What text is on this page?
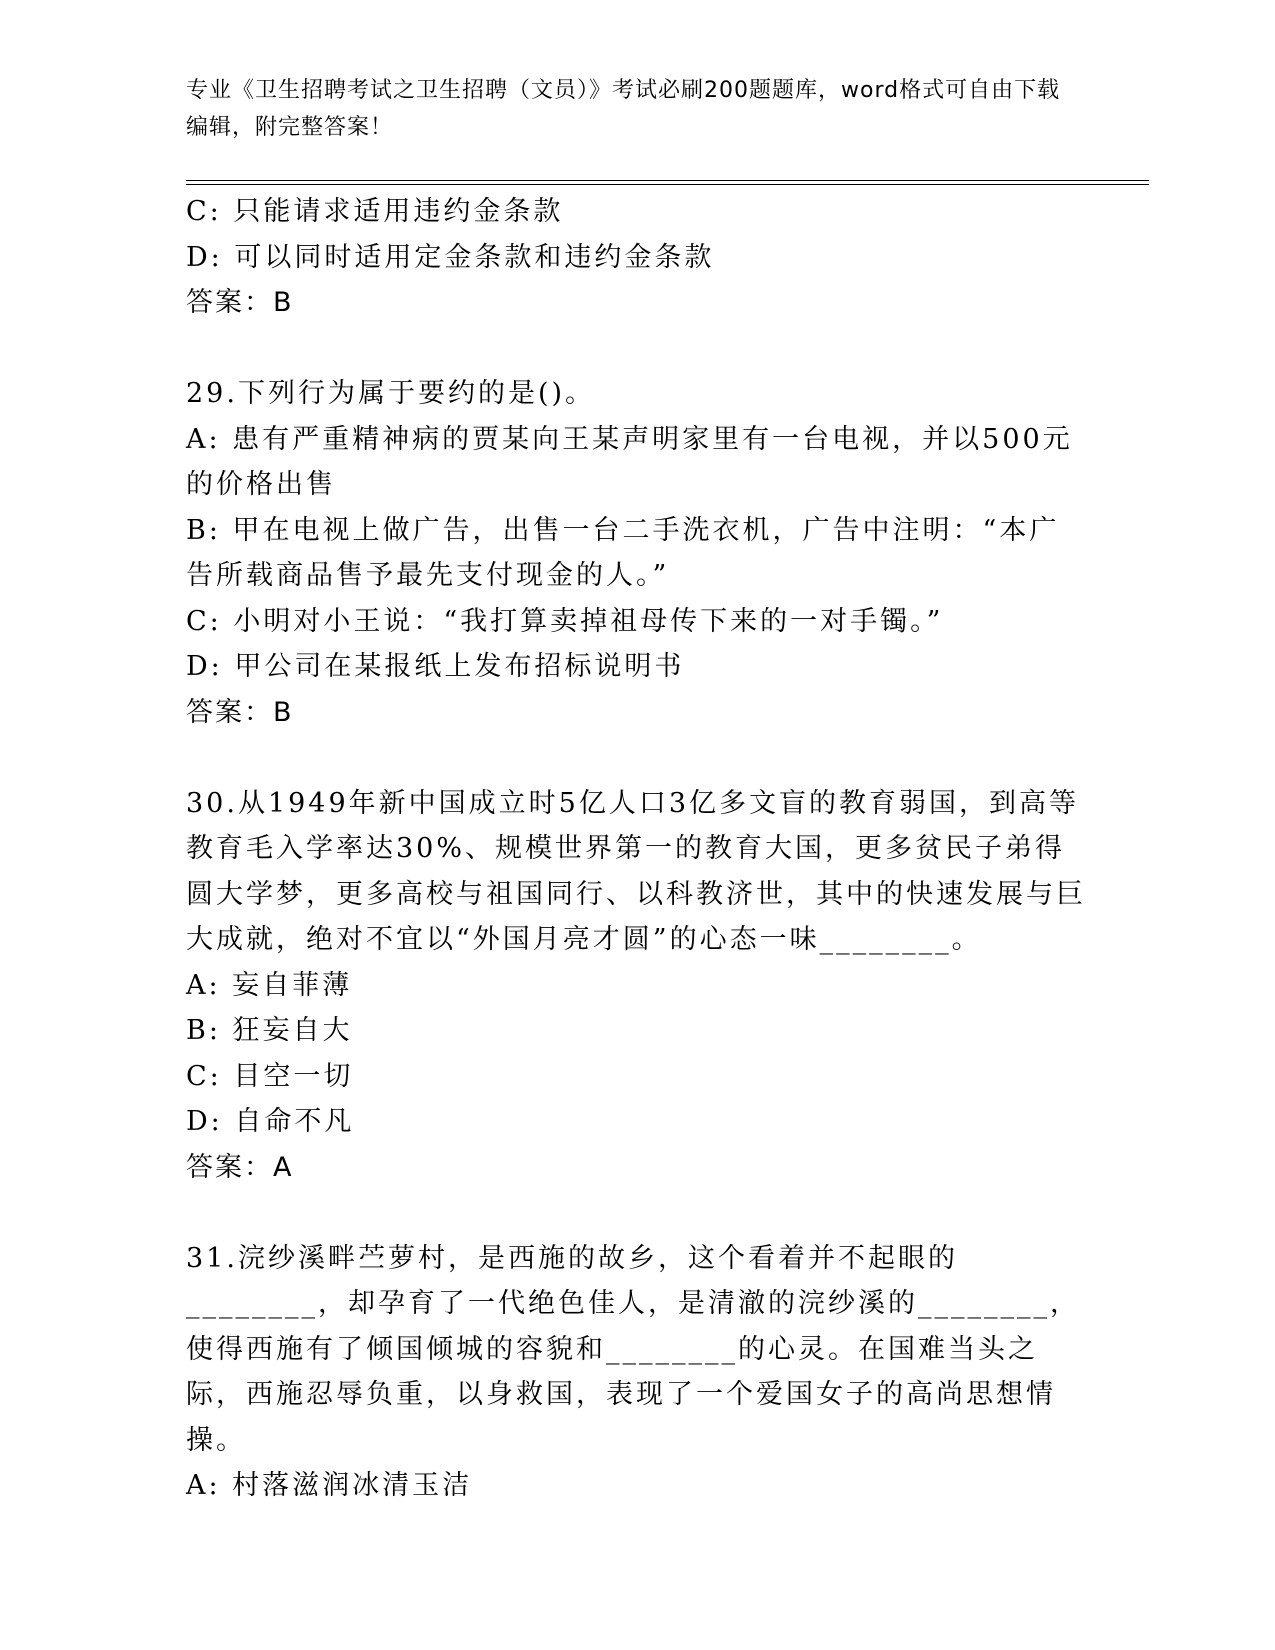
专业《卫生招聘考试之卫生招聘（文员）》考试必刷200题题库，word格式可自由下载编辑，附完整答案！

C: 只能请求适用违约金条款

D: 可以同时适用定金条款和违约金条款

答案：B

29.下列行为属于要约的是()。

A: 患有严重精神病的贾某向王某声明家里有一台电视，并以500元的价格出售

B: 甲在电视上做广告，出售一台二手洗衣机，广告中注明：“本广告所载商品售予最先支付现金的人。”

C: 小明对小王说：“我打算卖掉祖母传下来的一对手镯。”

D: 甲公司在某报纸上发布招标说明书

答案：B

30.从1949年新中国成立时5亿人口3亿多文盲的教育弱国，到高等教育毛入学率达30%、规模世界第一的教育大国，更多贫民子弟得圆大学梦，更多高校与祖国同行、以科教济世，其中的快速发展与巨大成就，绝对不宜以“外国月亮才圆”的心态一味________。

A: 妄自菲薄

B: 狂妄自大

C: 目空一切

D: 自命不凡

答案：A

31.浣纱溪畔苎萝村，是西施的故乡，这个看着并不起眼的________，却孕育了一代绝色佳人，是清澈的浣纱溪的________，使得西施有了倾国倾城的容貌和________的心灵。在国难当头之际，西施忍辱负重，以身救国，表现了一个爱国女子的高尚思想情操。

A: 村落滋润冰清玉洁
